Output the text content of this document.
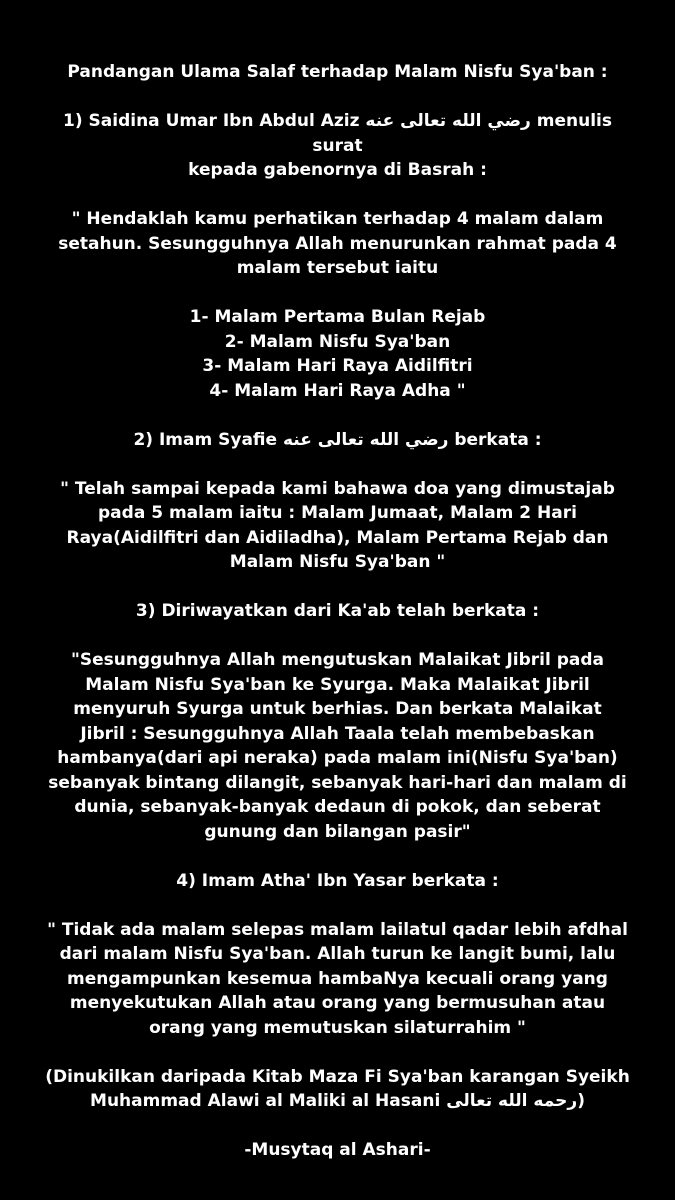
Pandangan Ulama Salaf terhadap Malam Nisfu Sya'ban :

1) Saidina Umar Ibn Abdul Aziz رضي الله تعالى عنه menulis surat
kepada gabenornya di Basrah :

" Hendaklah kamu perhatikan terhadap 4 malam dalam
setahun. Sesungguhnya Allah menurunkan rahmat pada 4
malam tersebut iaitu

1- Malam Pertama Bulan Rejab

2- Malam Nisfu Sya'ban

3- Malam Hari Raya Aidilfitri

4- Malam Hari Raya Adha "

2) Imam Syafie رضي الله تعالى عنه berkata :

" Telah sampai kepada kami bahawa doa yang dimustajab
pada 5 malam iaitu : Malam Jumaat, Malam 2 Hari
Raya(Aidilfitri dan Aidiladha), Malam Pertama Rejab dan
Malam Nisfu Sya'ban "

3) Diriwayatkan dari Ka'ab telah berkata :

"Sesungguhnya Allah mengutuskan Malaikat Jibril pada
Malam Nisfu Sya'ban ke Syurga. Maka Malaikat Jibril
menyuruh Syurga untuk berhias. Dan berkata Malaikat
Jibril : Sesungguhnya Allah Taala telah membebaskan
hambanya(dari api neraka) pada malam ini(Nisfu Sya'ban)
sebanyak bintang dilangit, sebanyak hari-hari dan malam di
dunia, sebanyak-banyak dedaun di pokok, dan seberat
gunung dan bilangan pasir"

4) Imam Atha' Ibn Yasar berkata :

" Tidak ada malam selepas malam lailatul qadar lebih afdhal
dari malam Nisfu Sya'ban. Allah turun ke langit bumi, lalu
mengampunkan kesemua hambaNya kecuali orang yang
menyekutukan Allah atau orang yang bermusuhan atau
orang yang memutuskan silaturrahim "

(Dinukilkan daripada Kitab Maza Fi Sya'ban karangan Syeikh
Muhammad Alawi al Maliki al Hasani رحمه الله تعالى)

-Musytaq al Ashari-
